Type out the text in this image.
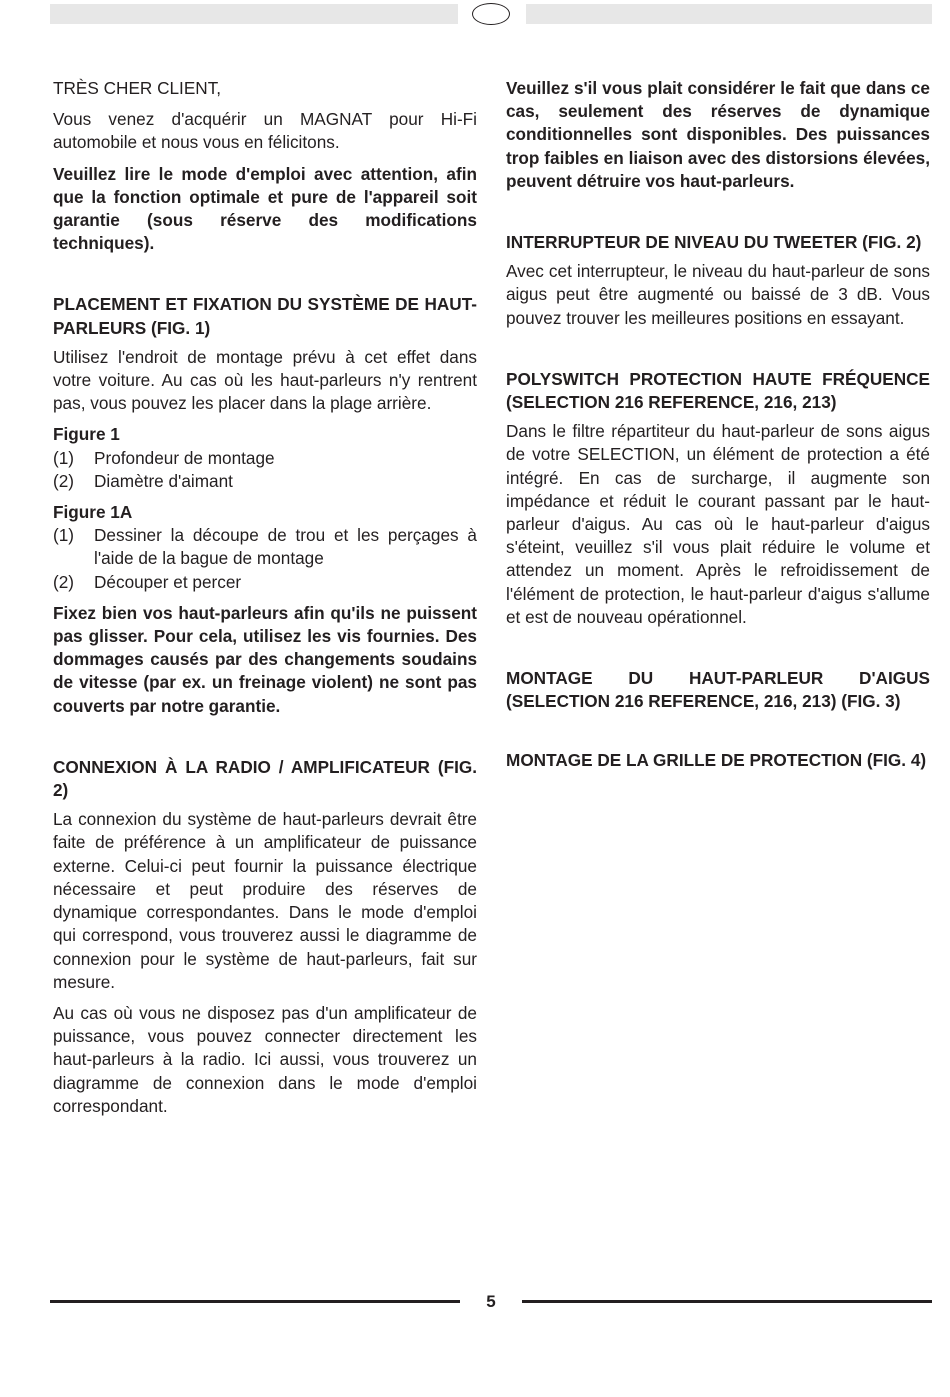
TRÈS CHER CLIENT,

Vous venez d'acquérir un MAGNAT pour Hi-Fi automobile et nous vous en félicitons.

Veuillez lire le mode d'emploi avec attention, afin que la fonction optimale et pure de l'appareil soit garantie (sous réserve des modifications techniques).

PLACEMENT ET FIXATION DU SYSTÈME DE HAUT-PARLEURS (FIG. 1)

Utilisez l'endroit de montage prévu à cet effet dans votre voiture. Au cas où les haut-parleurs n'y rentrent pas, vous pouvez les placer dans la plage arrière.

Figure 1

(1)	Profondeur de montage
(2)	Diamètre d'aimant

Figure 1A

(1)	Dessiner la découpe de trou et les perçages à l'aide de la bague de montage
(2)	Découper et percer

Fixez bien vos haut-parleurs afin qu'ils ne puissent pas glisser. Pour cela, utilisez les vis fournies. Des dommages causés par des changements soudains de vitesse (par ex. un freinage violent) ne sont pas couverts par notre garantie.

CONNEXION À LA RADIO / AMPLIFICATEUR (FIG. 2)

La connexion du système de haut-parleurs devrait être faite de préférence à un amplificateur de puissance externe. Celui-ci peut fournir la puissance électrique nécessaire et peut produire des réserves de dynamique correspondantes. Dans le mode d'emploi qui correspond, vous trouverez aussi le diagramme de connexion pour le système de haut-parleurs, fait sur mesure.

Au cas où vous ne disposez pas d'un amplificateur de puissance, vous pouvez connecter directement les haut-parleurs à la radio. Ici aussi, vous trouverez un diagramme de connexion dans le mode d'emploi correspondant.

Veuillez s'il vous plait considérer le fait que dans ce cas, seulement des réserves de dynamique conditionnelles sont disponibles. Des puissances trop faibles en liaison avec des distorsions élevées, peuvent détruire vos haut-parleurs.

INTERRUPTEUR DE NIVEAU DU TWEETER (FIG. 2)

Avec cet interrupteur, le niveau du haut-parleur de sons aigus peut être augmenté ou baissé de 3 dB. Vous pouvez trouver les meilleures positions en essayant.

POLYSWITCH PROTECTION HAUTE FRÉQUENCE (SELECTION 216 REFERENCE, 216, 213)

Dans le filtre répartiteur du haut-parleur de sons aigus de votre SELECTION, un élément de protection a été intégré. En cas de surcharge, il augmente son impédance et réduit le courant passant par le haut-parleur d'aigus. Au cas où le haut-parleur d'aigus s'éteint, veuillez s'il vous plait réduire le volume et attendez un moment. Après le refroidissement de l'élément de protection, le haut-parleur d'aigus s'allume et est de nouveau opérationnel.

MONTAGE DU HAUT-PARLEUR D'AIGUS (SELECTION 216 REFERENCE, 216, 213) (FIG. 3)
MONTAGE DE LA GRILLE DE PROTECTION (FIG. 4)
5
